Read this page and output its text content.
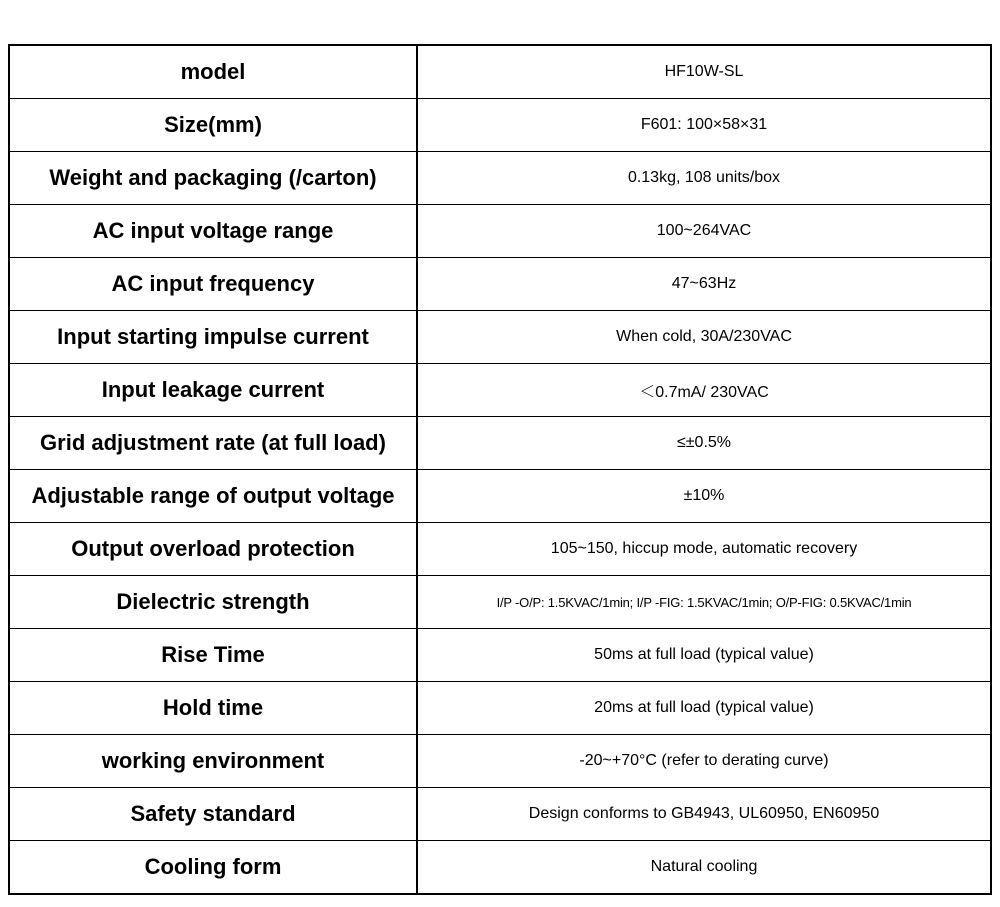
model	HF10W-SL
Size(mm)	F601: 100×58×31
Weight and packaging (/carton)	0.13kg, 108 units/box
AC input voltage range	100~264VAC
AC input frequency	47~63Hz
Input starting impulse current	When cold, 30A/230VAC
Input leakage current	＜0.7mA/ 230VAC
Grid adjustment rate (at full load)	≤±0.5%
Adjustable range of output voltage	±10%
Output overload protection	105~150, hiccup mode, automatic recovery
Dielectric strength	I/P -O/P: 1.5KVAC/1min; I/P -FIG: 1.5KVAC/1min; O/P-FIG: 0.5KVAC/1min
Rise Time	50ms at full load (typical value)
Hold time	20ms at full load (typical value)
working environment	-20~+70°C (refer to derating curve)
Safety standard	Design conforms to GB4943, UL60950, EN60950
Cooling form	Natural cooling
